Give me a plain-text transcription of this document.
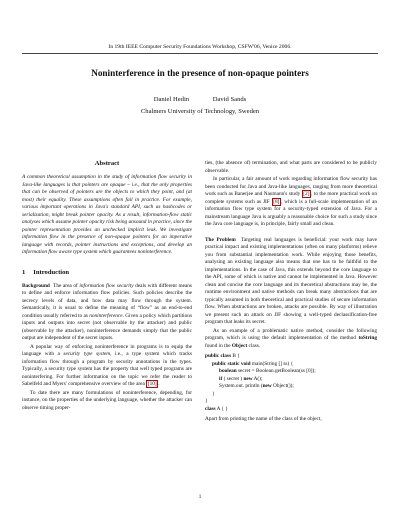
In 19th IEEE Computer Security Foundations Workshop, CSFW'06, Venice 2006.
Noninterference in the presence of non-opaque pointers
Daniel Hedin	David Sands
Chalmers University of Technology, Sweden
Abstract

A common theoretical assumption in the study of information flow security in Java-like languages is that pointers are opaque – i.e., that the only properties that can be observed of pointers are the objects to which they point, and (at most) their equality. These assumptions often fail in practice. For example, various important operations in Java's standard API, such as hashcodes or serialization, might break pointer opacity. As a result, information-flow static analyses which assume pointer opacity risk being unsound in practice, since the pointer representation provides an unchecked implicit leak. We investigate information flow in the presence of non-opaque pointers for an imperative language with records, pointer instructions and exceptions, and develop an information flow aware type system which guarantees noninterference.

1 Introduction

Background The area of information flow security deals with different means to define and enforce information flow policies. Such policies describe the secrecy levels of data, and how data may flow through the system. Semantically, it is usual to define the meaning of “flow” as an end-to-end condition usually referred to as noninterference. Given a policy which partitions inputs and outputs into secret (not observable by the attacker) and public (observable by the attacker), noninterference demands simply that the public output are independent of the secret inputs.

A popular way of enforcing noninterference in programs is to equip the language with a security type system, i.e., a type system which tracks information flow through a program by security annotations in the types. Typically, a security type system has the property that well typed programs are noninterfering. For further information on the topic we refer the reader to Sabelfeld and Myers' comprehensive overview of the area [10] .

To date there are many formulations of noninterference, depending, for instance, on the properties of the underlying language, whether the attacker can observe timing proper-

ties, (the absence of) termination, and what parts are considered to be publicly observable.

In particular, a fair amount of work regarding information flow security has been conducted for Java and Java-like languages, ranging from more theoretical work such as Banerjee and Naumann's study [2] , to the more practical work on complete systems such as JIF [8] , which is a full-scale implementation of an information flow type system for a security-typed extension of Java. For a mainstream language Java is arguably a reasonable choice for such a study since the Java core language is, in principle, fairly small and clean.

The Problem Targeting real languages is beneficial: your work may have practical impact and existing implementations (often on many platforms) relieve you from substantial implementation work. While enjoying those benefits, analysing an existing language also means that one has to be faithful to the implementations. In the case of Java, this extends beyond the core language to the API, some of which is native and cannot be implemented in Java. However clean and concise the core language and its theoretical abstractions may be, the runtime environment and native methods can break many abstractions that are typically assumed in both theoretical and practical studies of secure information flow. When abstractions are broken, attacks are possible. By way of illustration we present such an attack on JIF showing a well-typed declassification-free program that leaks its secret.

As an example of a problematic native method, consider the following program, which is using the default implementation of the method toString found in the Object class.

public class B {
public static void main(String [] ss) {
boolean secret = Boolean.getBoolean(ss [0]);
if ( secret ) new A();
System.out. println (new Object());
}
}
class A { }

Apart from printing the name of the class of the object,

1
